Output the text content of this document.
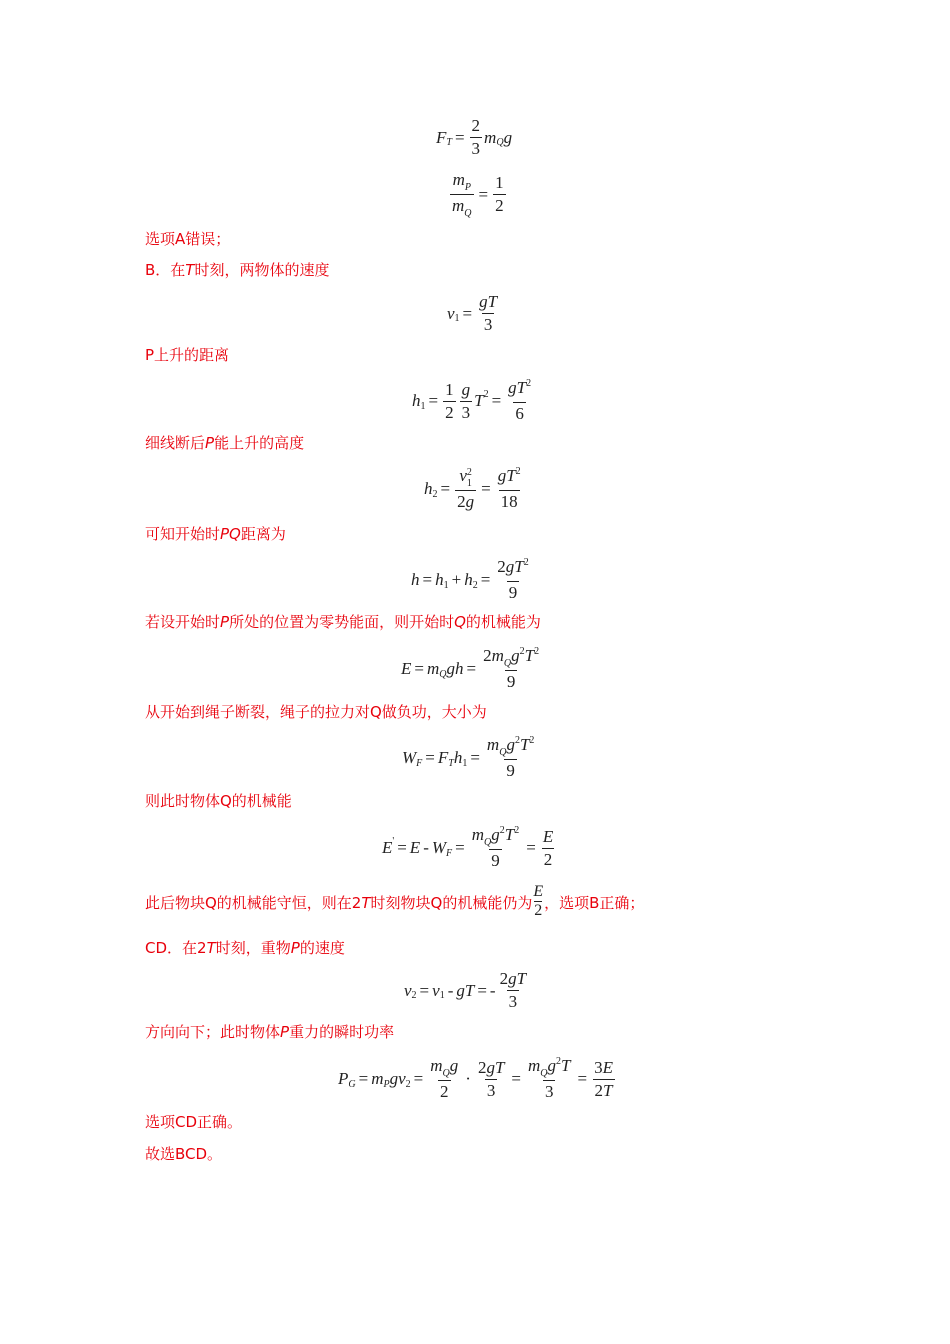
F $T = \frac{2}{3}$ m Q g
$\frac{m_P}{m_Q} = \frac{1}{2}$
选项A错误；
B．在T时刻，两物体的速度
v $1 = \frac{gT}{3}$
P上升的距离
h $1 = \frac{1}{2} \frac{g}{3}$ T $2 = \frac{gT^2}{6}$
细线断后P能上升的高度
h $2 = \frac{v^2_1}{2g} = \frac{gT^2}{18}$
可知开始时PQ距离为
h = h 1 + h $2 = \frac{2gT^2}{9}$
若设开始时P所处的位置为零势能面，则开始时Q的机械能为
E = m Q gh = $\frac{2m_Qg^2T^2}{9}$
从开始到绳子断裂，绳子的拉力对Q做负功，大小为
W F = F T h $1 = \frac{m_Qg^2T^2}{9}$
则此时物体Q的机械能
E ' = E - W $F = \frac{m_Qg^2T^2}{9} = \frac{E}{2}$
此后物块Q的机械能守恒，则在2T时刻物块Q的机械能仍为 $\frac{E}{2}$ ，选项B正确；
CD．在2T时刻，重物P的速度
v 2 = v 1 - gT = - $\frac{2gT}{3}$
方向向下；此时物体P重力的瞬时功率
P G = m P gv $2 = \frac{m_Qg}{2} \cdot \frac{2gT}{3} = \frac{m_Qg^2T}{3} = \frac{3E}{2T}$
选项CD正确。
故选BCD。
